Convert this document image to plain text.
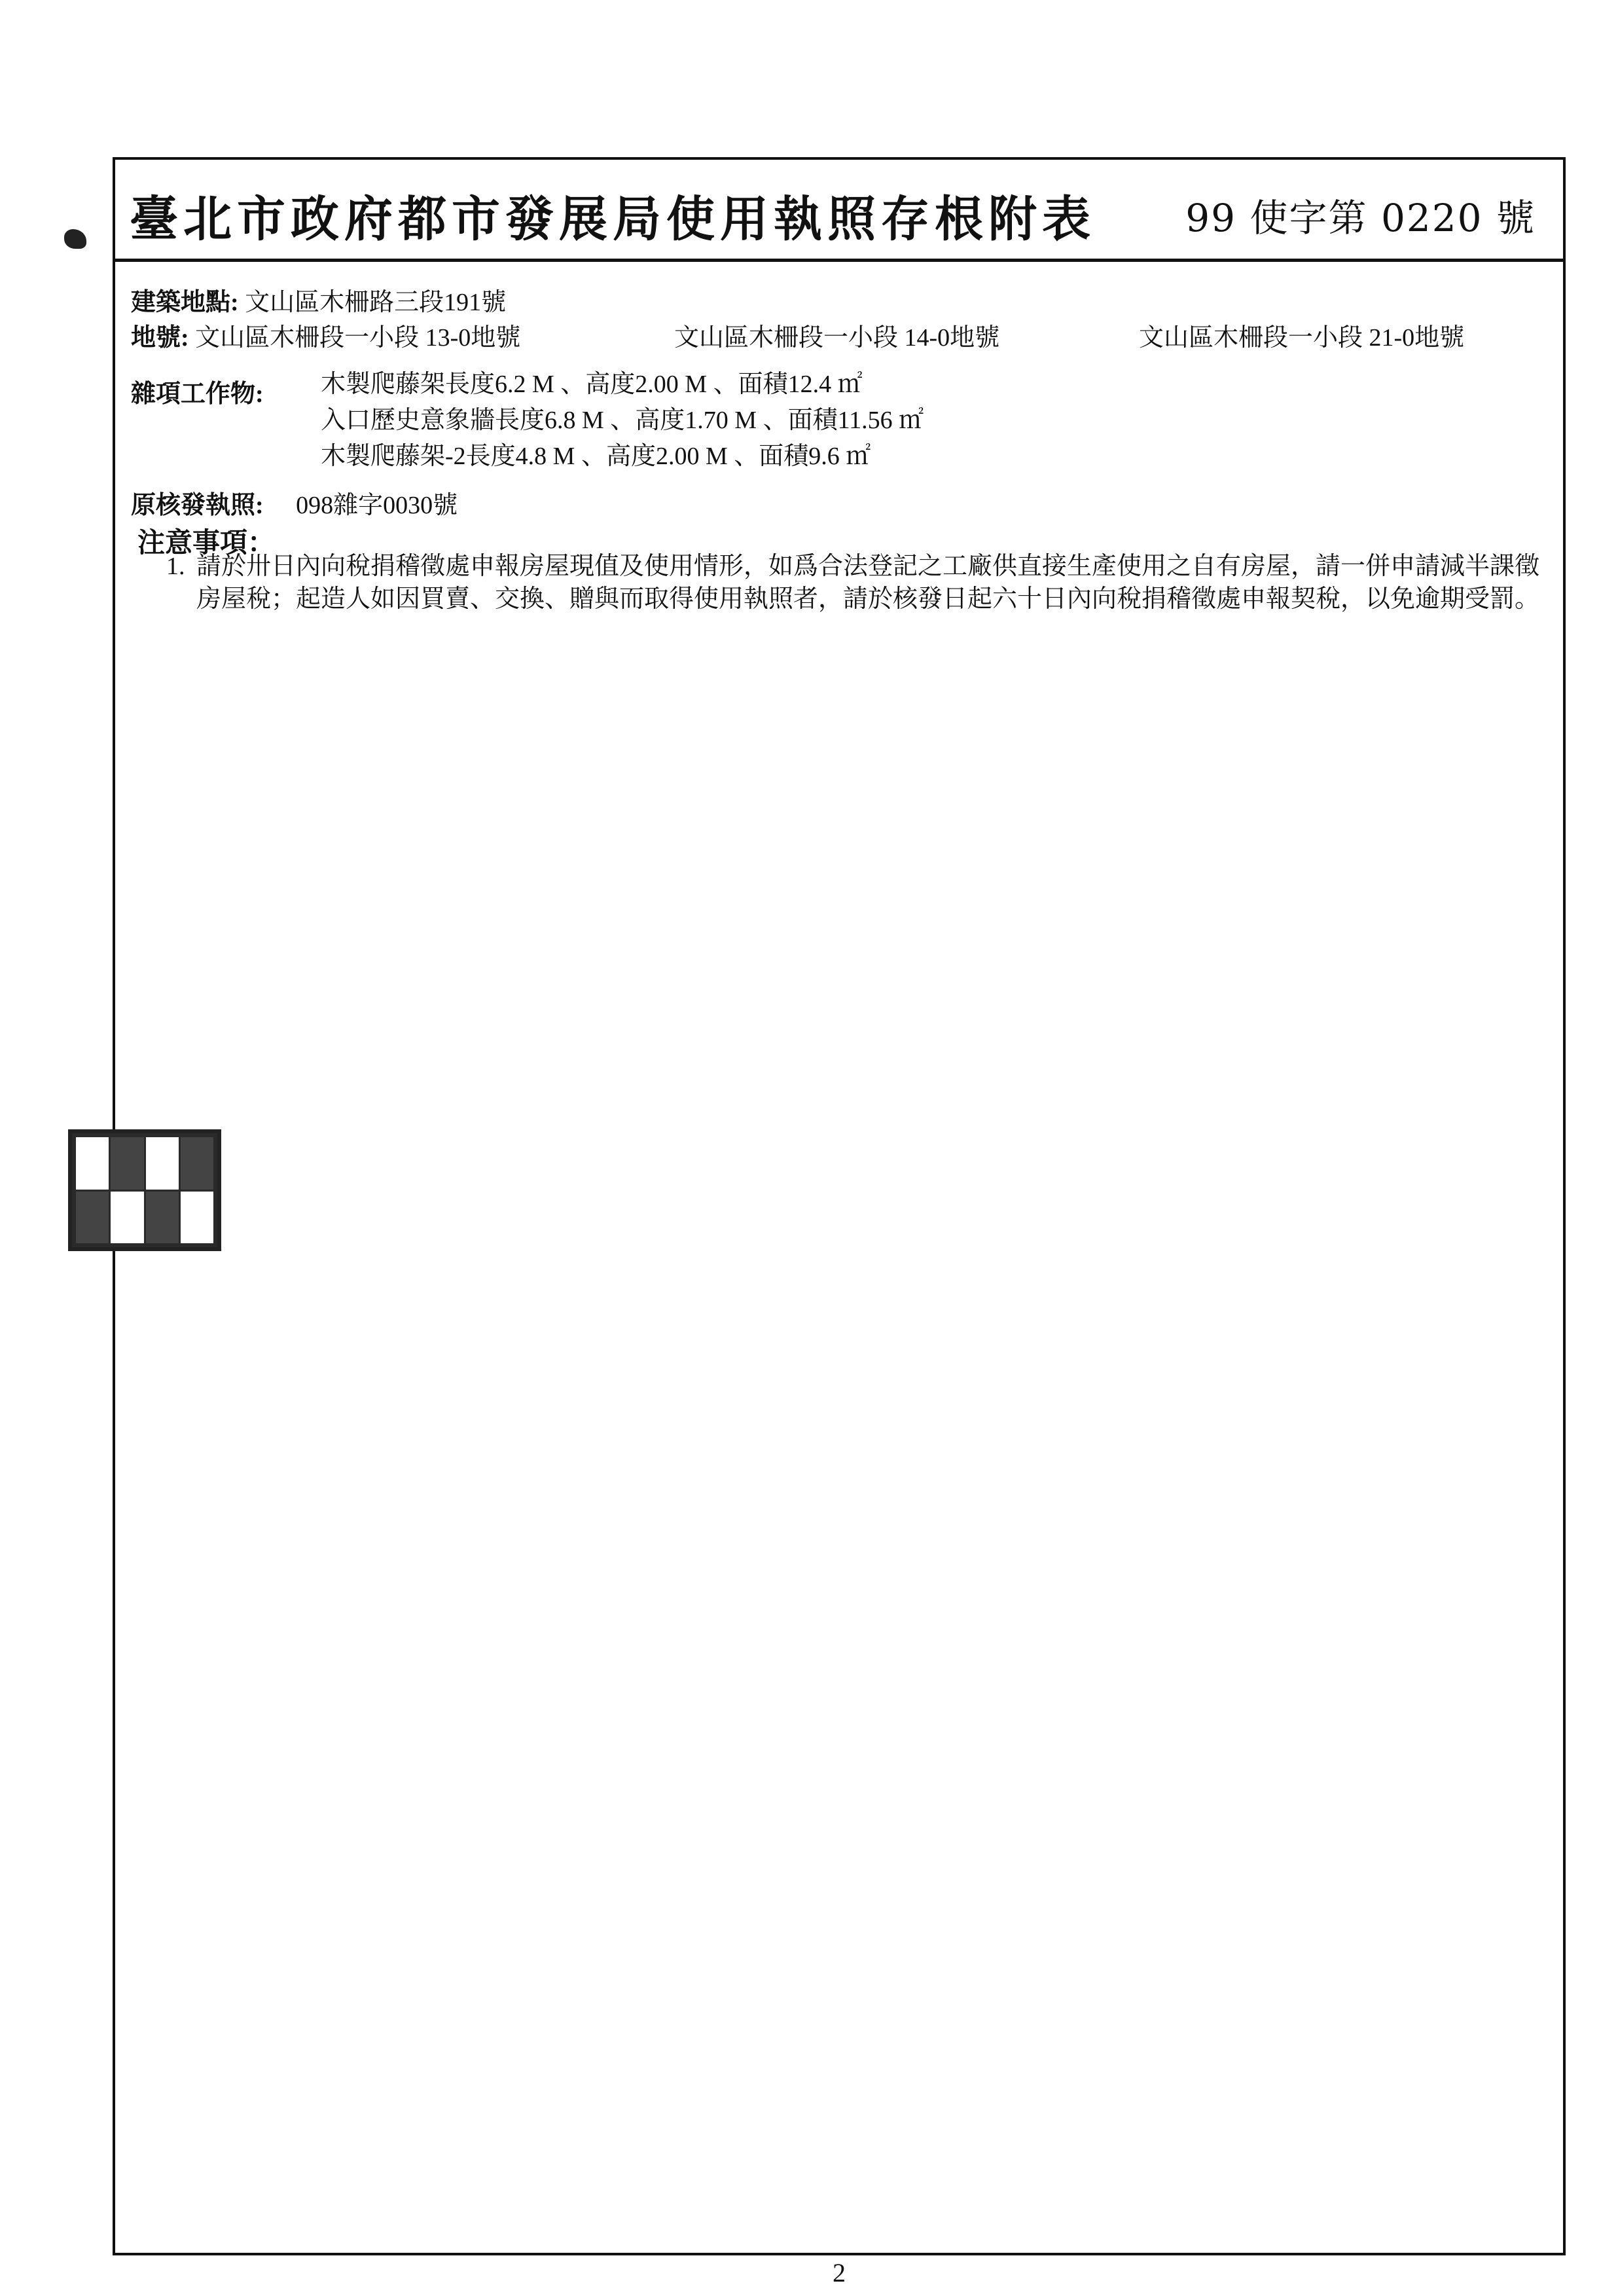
臺北市政府都市發展局使用執照存根附表 99 使字第 0220 號
建築地點: 文山區木柵路三段191號
地號: 文山區木柵段一小段 13-0地號	文山區木柵段一小段 14-0地號	文山區木柵段一小段 21-0地號
雜項工作物: 木製爬藤架長度6.2 M 、高度2.00 M 、面積12.4 ㎡
入口歷史意象牆長度6.8 M 、高度1.70 M 、面積11.56 ㎡
木製爬藤架-2長度4.8 M 、高度2.00 M 、面積9.6 ㎡
原核發執照: 098雜字0030號
注意事項：
1. 請於卅日內向稅捐稽徵處申報房屋現值及使用情形，如爲合法登記之工廠供直接生產使用之自有房屋，請一併申請減半課徵房屋稅；起造人如因買賣、交換、贈與而取得使用執照者，請於核發日起六十日內向稅捐稽徵處申報契稅，以免逾期受罰。
2
